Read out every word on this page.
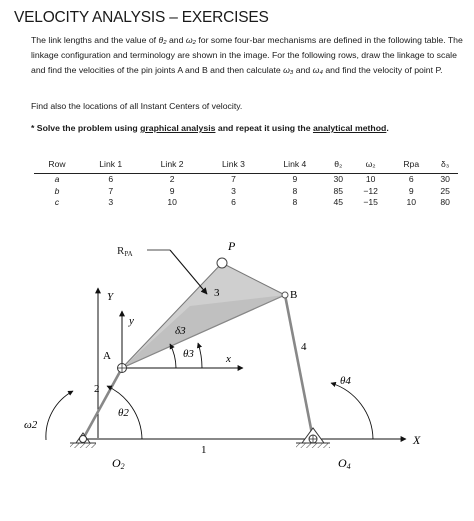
VELOCITY ANALYSIS – EXERCISES
The link lengths and the value of θ₂ and ω₂ for some four-bar mechanisms are defined in the following table. The linkage configuration and terminology are shown in the image. For the following rows, draw the linkage to scale and find the velocities of the pin joints A and B and then calculate ω₃ and ω₄ and find the velocity of point P.
Find also the locations of all Instant Centers of velocity.
* Solve the problem using graphical analysis and repeat it using the analytical method.
Row	Link 1	Link 2	Link 3	Link 4	θ₂	ω₂	Rpa	δ₃
a	6	2	7	9	30	10	6	30
b	7	9	3	8	85	−12	9	25
c	3	10	6	8	45	−15	10	80
RPA
P
3	B
Y
y
δ3
θ3	x
A
4
θ4
2
θ2
ω2
1
O2	O4
X
